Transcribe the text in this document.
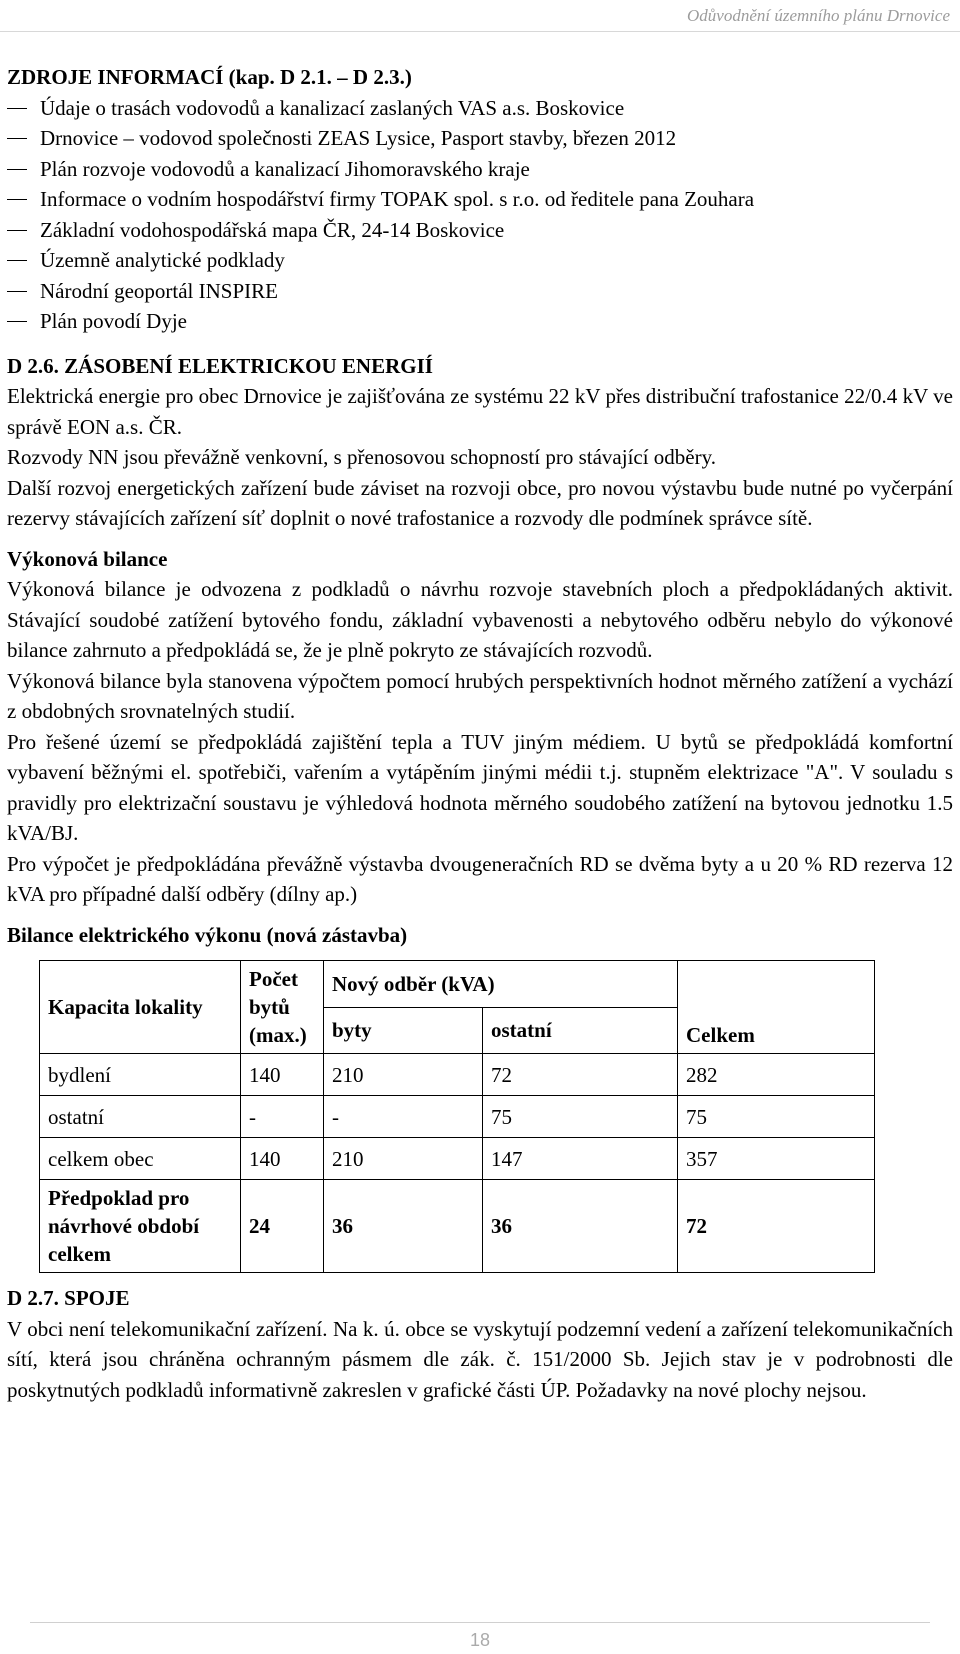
Odůvodnění územního plánu Drnovice
ZDROJE INFORMACÍ (kap. D 2.1. – D 2.3.)
Údaje o trasách vodovodů a kanalizací zaslaných VAS a.s. Boskovice
Drnovice – vodovod společnosti ZEAS Lysice, Pasport stavby, březen 2012
Plán rozvoje vodovodů a kanalizací Jihomoravského kraje
Informace o vodním hospodářství firmy TOPAK spol. s r.o. od ředitele pana Zouhara
Základní vodohospodářská mapa ČR, 24-14 Boskovice
Územně analytické podklady
Národní geoportál INSPIRE
Plán povodí Dyje
D 2.6. ZÁSOBENÍ ELEKTRICKOU ENERGIÍ

Elektrická energie pro obec Drnovice je zajišťována ze systému 22 kV přes distribuční trafostanice 22/0.4 kV ve správě EON a.s. ČR.

Rozvody NN jsou převážně venkovní, s přenosovou schopností pro stávající odběry.

Další rozvoj energetických zařízení bude záviset na rozvoji obce, pro novou výstavbu bude nutné po vyčerpání rezervy stávajících zařízení síť doplnit o nové trafostanice a rozvody dle podmínek správce sítě.

Výkonová bilance

Výkonová bilance je odvozena z podkladů o návrhu rozvoje stavebních ploch a předpokládaných aktivit. Stávající soudobé zatížení bytového fondu, základní vybavenosti a nebytového odběru nebylo do výkonové bilance zahrnuto a předpokládá se, že je plně pokryto ze stávajících rozvodů.

Výkonová bilance byla stanovena výpočtem pomocí hrubých perspektivních hodnot měrného zatížení a vychází z obdobných srovnatelných studií.

Pro řešené území se předpokládá zajištění tepla a TUV jiným médiem. U bytů se předpokládá komfortní vybavení běžnými el. spotřebiči, vařením a vytápěním jinými médii t.j. stupněm elektrizace "A". V souladu s pravidly pro elektrizační soustavu je výhledová hodnota měrného soudobého zatížení na bytovou jednotku 1.5 kVA/BJ.

Pro výpočet je předpokládána převážně výstavba dvougeneračních RD se dvěma byty a u 20 % RD rezerva 12 kVA pro případné další odběry (dílny ap.)

Bilance elektrického výkonu (nová zástavba)
Kapacita lokality	Počet bytů (max.)	Nový odběr (kVA)		Celkem
		byty	ostatní	
bydlení	140	210	72	282
ostatní	-	-	75	75
celkem obec	140	210	147	357
Předpoklad pro návrhové období celkem	24	36	36	72
D 2.7. SPOJE

V obci není telekomunikační zařízení. Na k. ú. obce se vyskytují podzemní vedení a zařízení telekomunikačních sítí, která jsou chráněna ochranným pásmem dle zák. č. 151/2000 Sb. Jejich stav je v podrobnosti dle poskytnutých podkladů informativně zakreslen v grafické části ÚP. Požadavky na nové plochy nejsou.

18
